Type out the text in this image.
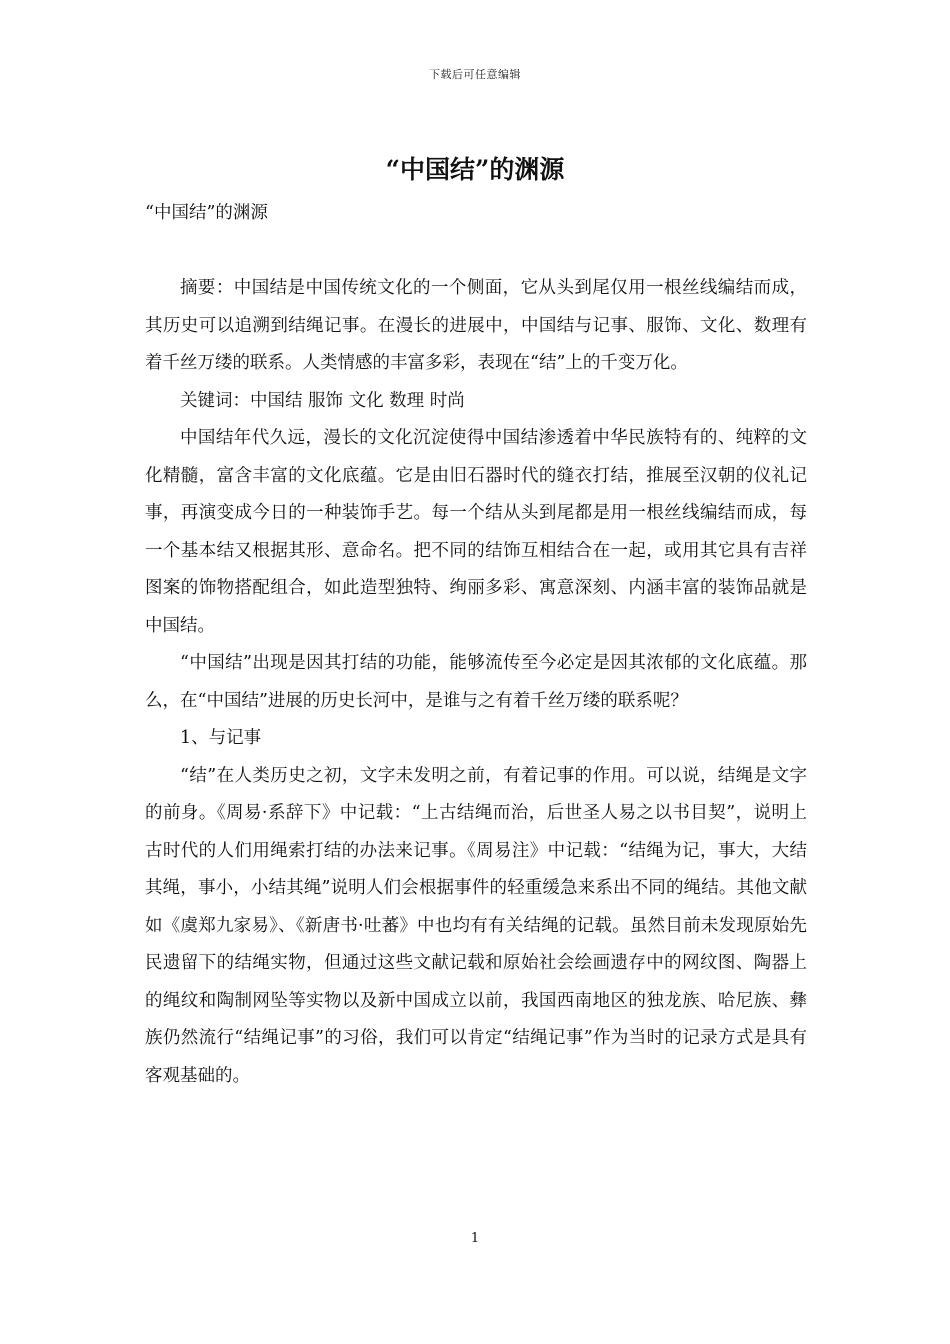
下载后可任意编辑
“中国结”的渊源
“中国结”的渊源

摘要：中国结是中国传统文化的一个侧面，它从头到尾仅用一根丝线编结而成，其历史可以追溯到结绳记事。在漫长的进展中，中国结与记事、服饰、文化、数理有着千丝万缕的联系。人类情感的丰富多彩，表现在“结”上的千变万化。

关键词：中国结 服饰 文化 数理 时尚

中国结年代久远，漫长的文化沉淀使得中国结渗透着中华民族特有的、纯粹的文化精髓，富含丰富的文化底蕴。它是由旧石器时代的缝衣打结，推展至汉朝的仪礼记事，再演变成今日的一种装饰手艺。每一个结从头到尾都是用一根丝线编结而成，每一个基本结又根据其形、意命名。把不同的结饰互相结合在一起，或用其它具有吉祥图案的饰物搭配组合，如此造型独特、绚丽多彩、寓意深刻、内涵丰富的装饰品就是中国结。

“中国结”出现是因其打结的功能，能够流传至今必定是因其浓郁的文化底蕴。那么，在“中国结”进展的历史长河中，是谁与之有着千丝万缕的联系呢？

1、与记事

“结”在人类历史之初，文字未发明之前，有着记事的作用。可以说，结绳是文字的前身。《周易·系辞下》中记载：“上古结绳而治，后世圣人易之以书目契”，说明上古时代的人们用绳索打结的办法来记事。《周易注》中记载：“结绳为记，事大，大结其绳，事小，小结其绳”说明人们会根据事件的轻重缓急来系出不同的绳结。其他文献如《虞郑九家易》、《新唐书·吐蕃》中也均有有关结绳的记载。虽然目前未发现原始先民遗留下的结绳实物，但通过这些文献记载和原始社会绘画遗存中的网纹图、陶器上的绳纹和陶制网坠等实物以及新中国成立以前，我国西南地区的独龙族、哈尼族、彝族仍然流行“结绳记事”的习俗，我们可以肯定“结绳记事”作为当时的记录方式是具有客观基础的。

1
